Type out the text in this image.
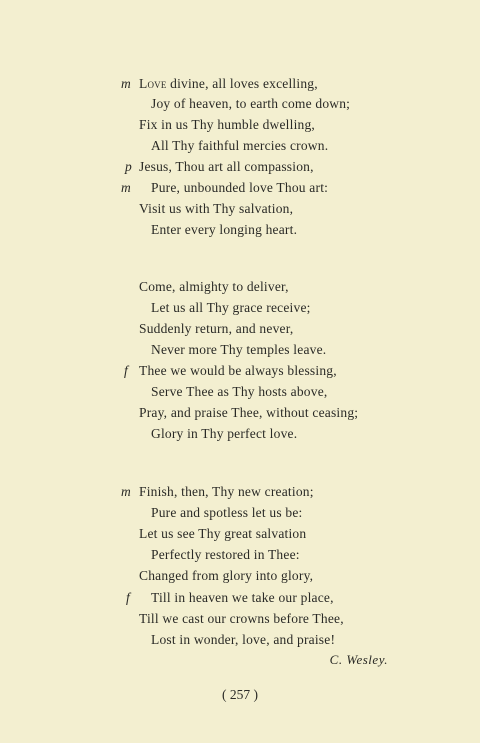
m Love divine, all loves excelling,
Joy of heaven, to earth come down;
Fix in us Thy humble dwelling,
All Thy faithful mercies crown.
p Jesus, Thou art all compassion,
m Pure, unbounded love Thou art:
Visit us with Thy salvation,
Enter every longing heart.
Come, almighty to deliver,
Let us all Thy grace receive;
Suddenly return, and never,
Never more Thy temples leave.
f Thee we would be always blessing,
Serve Thee as Thy hosts above,
Pray, and praise Thee, without ceasing;
Glory in Thy perfect love.
m Finish, then, Thy new creation;
Pure and spotless let us be:
Let us see Thy great salvation
Perfectly restored in Thee:
Changed from glory into glory,
f Till in heaven we take our place,
Till we cast our crowns before Thee,
Lost in wonder, love, and praise!
C. Wesley.
( 257 )
